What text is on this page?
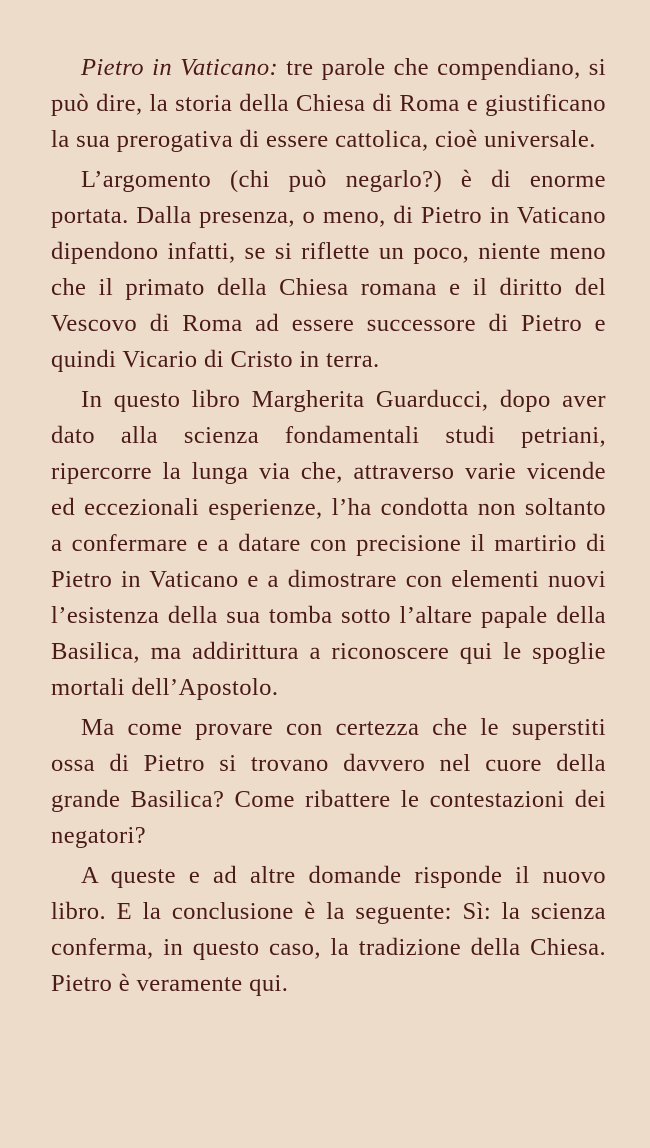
Pietro in Vaticano: tre parole che compendiano, si può dire, la storia della Chiesa di Roma e giustificano la sua prerogativa di essere cattolica, cioè universale.

L’argomento (chi può negarlo?) è di enorme portata. Dalla presenza, o meno, di Pietro in Vaticano dipendono infatti, se si riflette un poco, niente meno che il primato della Chiesa romana e il diritto del Vescovo di Roma ad essere successore di Pietro e quindi Vicario di Cristo in terra.

In questo libro Margherita Guarducci, dopo aver dato alla scienza fondamentali studi petriani, ripercorre la lunga via che, attraverso varie vicende ed eccezionali esperienze, l’ha condotta non soltanto a confermare e a datare con precisione il martirio di Pietro in Vaticano e a dimostrare con elementi nuovi l’esistenza della sua tomba sotto l’altare papale della Basilica, ma addirittura a riconoscere qui le spoglie mortali dell’Apostolo.

Ma come provare con certezza che le superstiti ossa di Pietro si trovano davvero nel cuore della grande Basilica? Come ribattere le contestazioni dei negatori?

A queste e ad altre domande risponde il nuovo libro. E la conclusione è la seguente: Sì: la scienza conferma, in questo caso, la tradizione della Chiesa. Pietro è veramente qui.
